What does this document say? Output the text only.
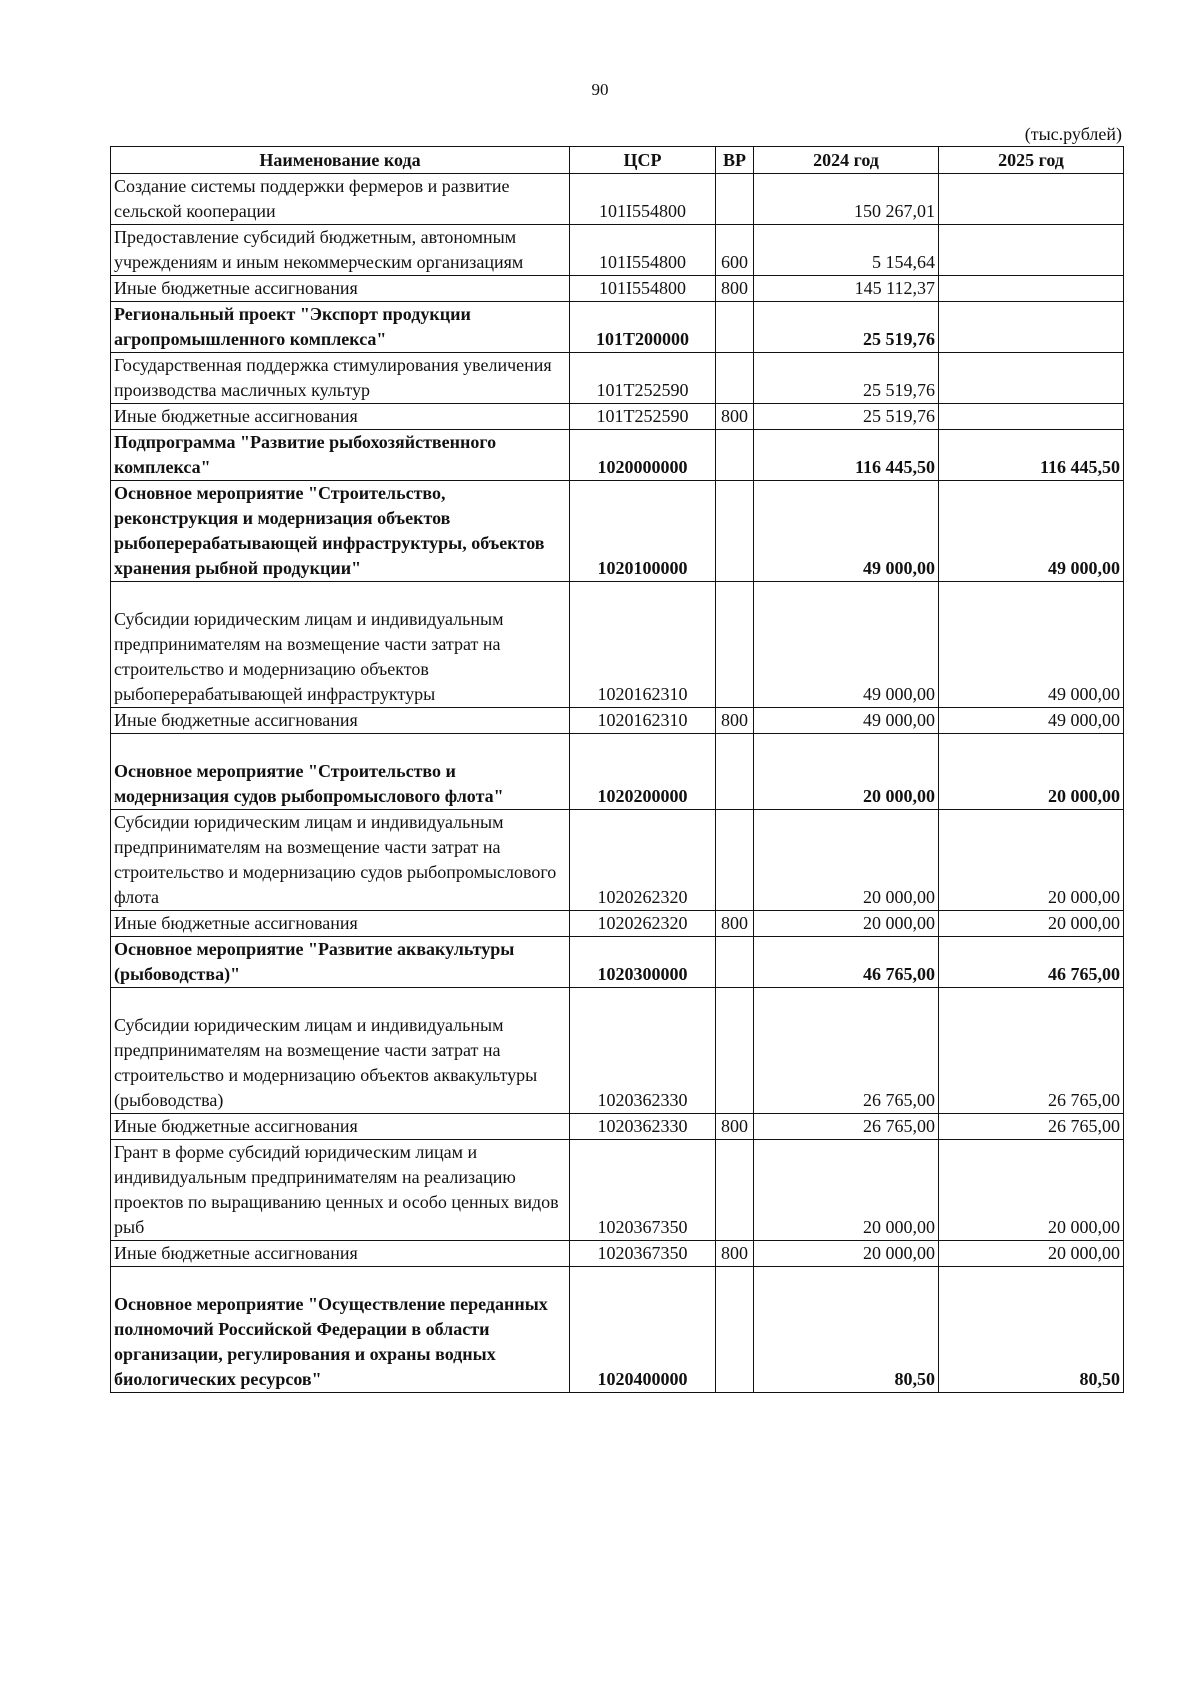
90
(тыс.рублей)
Наименование кода	ЦСР	ВР	2024 год	2025 год
Создание системы поддержки фермеров и развитие сельской кооперации	101I554800		150 267,01	
Предоставление субсидий бюджетным, автономным учреждениям и иным некоммерческим организациям	101I554800	600	5 154,64	
Иные бюджетные ассигнования	101I554800	800	145 112,37	
Региональный проект "Экспорт продукции агропромышленного комплекса"	101T200000		25 519,76	
Государственная поддержка стимулирования увеличения производства масличных культур	101T252590		25 519,76	
Иные бюджетные ассигнования	101T252590	800	25 519,76	
Подпрограмма "Развитие рыбохозяйственного комплекса"	1020000000		116 445,50	116 445,50
Основное мероприятие "Строительство, реконструкция и модернизация объектов рыбоперерабатывающей инфраструктуры, объектов хранения рыбной продукции"	1020100000		49 000,00	49 000,00
Субсидии юридическим лицам и индивидуальным предпринимателям на возмещение части затрат на строительство и модернизацию объектов рыбоперерабатывающей инфраструктуры	1020162310		49 000,00	49 000,00
Иные бюджетные ассигнования	1020162310	800	49 000,00	49 000,00
Основное мероприятие "Строительство и модернизация судов рыбопромыслового флота"	1020200000		20 000,00	20 000,00
Субсидии юридическим лицам и индивидуальным предпринимателям на возмещение части затрат на строительство и модернизацию судов рыбопромыслового флота	1020262320		20 000,00	20 000,00
Иные бюджетные ассигнования	1020262320	800	20 000,00	20 000,00
Основное мероприятие "Развитие аквакультуры (рыбоводства)"	1020300000		46 765,00	46 765,00
Субсидии юридическим лицам и индивидуальным предпринимателям на возмещение части затрат на строительство и модернизацию объектов аквакультуры (рыбоводства)	1020362330		26 765,00	26 765,00
Иные бюджетные ассигнования	1020362330	800	26 765,00	26 765,00
Грант в форме субсидий юридическим лицам и индивидуальным предпринимателям на реализацию проектов по выращиванию ценных и особо ценных видов рыб	1020367350		20 000,00	20 000,00
Иные бюджетные ассигнования	1020367350	800	20 000,00	20 000,00
Основное мероприятие "Осуществление переданных полномочий Российской Федерации в области организации, регулирования и охраны водных биологических ресурсов"	1020400000		80,50	80,50
